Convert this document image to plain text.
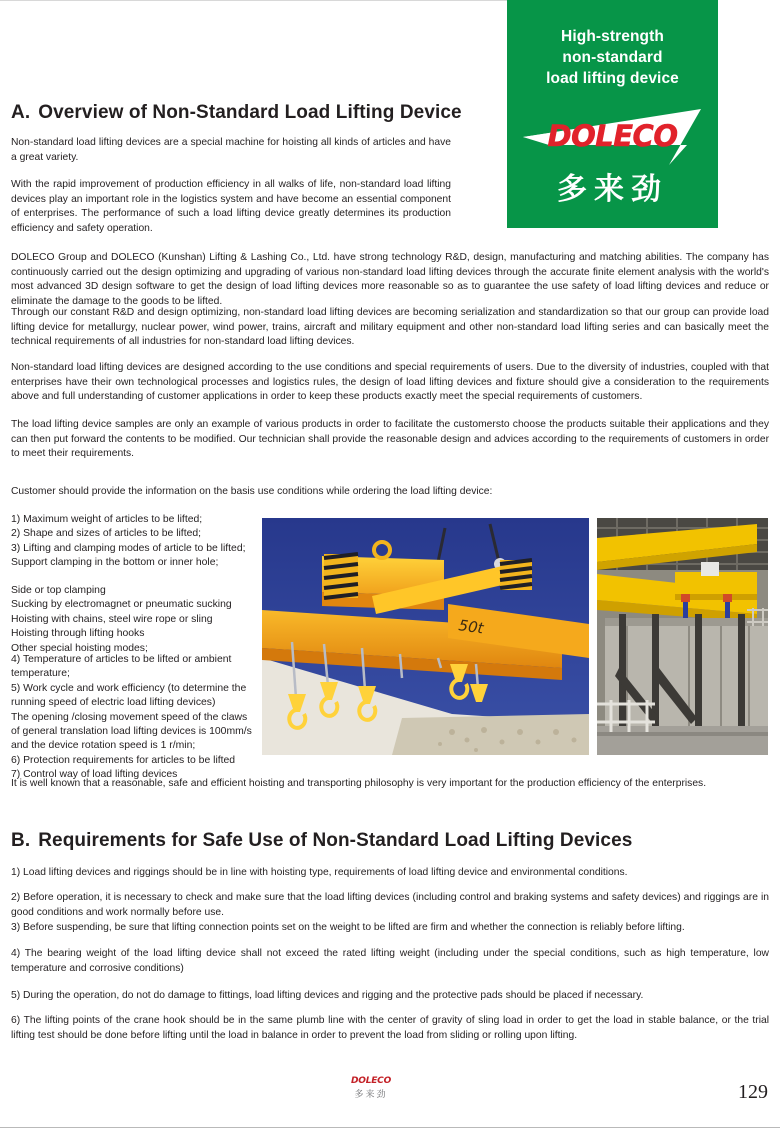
High-strength
non-standard
load lifting device
DOLECO
多来劲
A. Overview of Non-Standard Load Lifting Device
Non-standard load lifting devices are a special machine for hoisting all kinds of articles and have a great variety.
With the rapid improvement of production efficiency in all walks of life, non-standard load lifting devices play an important role in the logistics system and have become an essential component of enterprises. The performance of such a load lifting device greatly determines its production efficiency and safety operation.
DOLECO Group and DOLECO (Kunshan) Lifting & Lashing Co., Ltd. have strong technology R&D, design, manufacturing and matching abilities. The company has continuously carried out the design optimizing and upgrading of various non-standard load lifting devices through the accurate finite element analysis with the world's most advanced 3D design software to get the design of load lifting devices more reasonable so as to guarantee the use safety of load lifting devices and reduce or eliminate the damage to the goods to be lifted.
Through our constant R&D and design optimizing, non-standard load lifting devices are becoming serialization and standardization so that our group can provide load lifting device for metallurgy, nuclear power, wind power, trains, aircraft and military equipment and other non-standard load lifting series and can basically meet the technical requirements of all industries for non-standard load lifting devices.
Non-standard load lifting devices are designed according to the use conditions and special requirements of users. Due to the diversity of industries, coupled with that enterprises have their own technological processes and logistics rules, the design of load lifting devices and fixture should give a consideration to the requirements above and full understanding of customer applications in order to keep these products exactly meet the special requirements of customers.
The load lifting device samples are only an example of various products in order to facilitate the customersto choose the products suitable their applications and they can then put forward the contents to be modified. Our technician shall provide the reasonable design and advices according to the requirements of customers in order to meet their requirements.
Customer should provide the information on the basis use conditions while ordering the load lifting device:
1) Maximum weight of articles to be lifted;
2) Shape and sizes of articles to be lifted;
3) Lifting and clamping modes of article to be lifted;
Support clamping in the bottom or inner hole;
Side or top clamping
Sucking by electromagnet or pneumatic sucking
Hoisting with chains, steel wire rope or sling
Hoisting through lifting hooks
Other special hoisting modes;
4) Temperature of articles to be lifted or ambient
temperature;
5) Work cycle and work efficiency (to determine the
running speed of electric load lifting devices)
The opening /closing movement speed of the claws
of general translation load lifting devices is 100mm/s
and the device rotation speed is 1 r/min;
6) Protection requirements for articles to be lifted
7) Control way of load lifting devices
50t
It is well known that a reasonable, safe and efficient hoisting and transporting philosophy is very important for the production efficiency of the enterprises.
B. Requirements for Safe Use of Non-Standard Load Lifting Devices
1) Load lifting devices and riggings should be in line with hoisting type, requirements of load lifting device and environmental conditions.
2) Before operation, it is necessary to check and make sure that the load lifting devices (including control and braking systems and safety devices) and riggings are in good conditions and work normally before use.
3) Before suspending, be sure that lifting connection points set on the weight to be lifted are firm and whether the connection is reliably before lifting.
4) The bearing weight of the load lifting device shall not exceed the rated lifting weight (including under the special conditions, such as high temperature, low temperature and corrosive conditions)
5) During the operation, do not do damage to fittings, load lifting devices and rigging and the protective pads should be placed if necessary.
6) The lifting points of the crane hook should be in the same plumb line with the center of gravity of sling load in order to get the load in stable balance, or the trial lifting test should be done before lifting until the load in balance in order to prevent the load from sliding or rolling upon lifting.
DOLECO
多来劲	129
